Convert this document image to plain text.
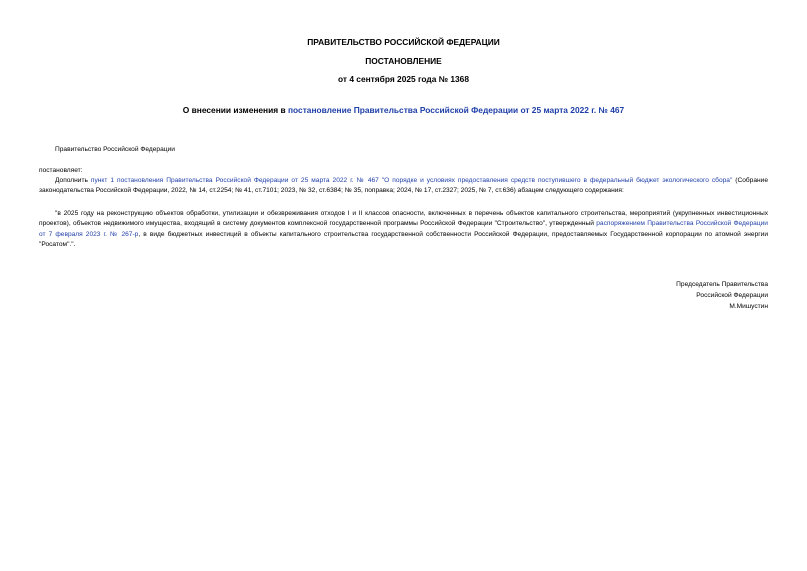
ПРАВИТЕЛЬСТВО РОССИЙСКОЙ ФЕДЕРАЦИИ
ПОСТАНОВЛЕНИЕ
от 4 сентября 2025 года № 1368
О внесении изменения в постановление Правительства Российской Федерации от 25 марта 2022 г. № 467
Правительство Российской Федерации
постановляет:
Дополнить пункт 1 постановления Правительства Российской Федерации от 25 марта 2022 г. № 467 "О порядке и условиях предоставления средств поступившего в федеральный бюджет экологического сбора" (Собрание законодательства Российской Федерации, 2022, № 14, ст.2254; № 41, ст.7101; 2023, № 32, ст.6384; № 35, поправка; 2024, № 17, ст.2327; 2025, № 7, ст.636) абзацем следующего содержания:
"в 2025 году на реконструкцию объектов обработки, утилизации и обезвреживания отходов I и II классов опасности, включенных в перечень объектов капитального строительства, мероприятий (укрупненных инвестиционных проектов), объектов недвижимого имущества, входящий в систему документов комплексной государственной программы Российской Федерации "Строительство", утвержденный распоряжением Правительства Российской Федерации от 7 февраля 2023 г. № 267-р, в виде бюджетных инвестиций в объекты капитального строительства государственной собственности Российской Федерации, предоставляемых Государственной корпорации по атомной энергии "Росатом".".
Председатель Правительства
Российской Федерации
М.Мишустин
